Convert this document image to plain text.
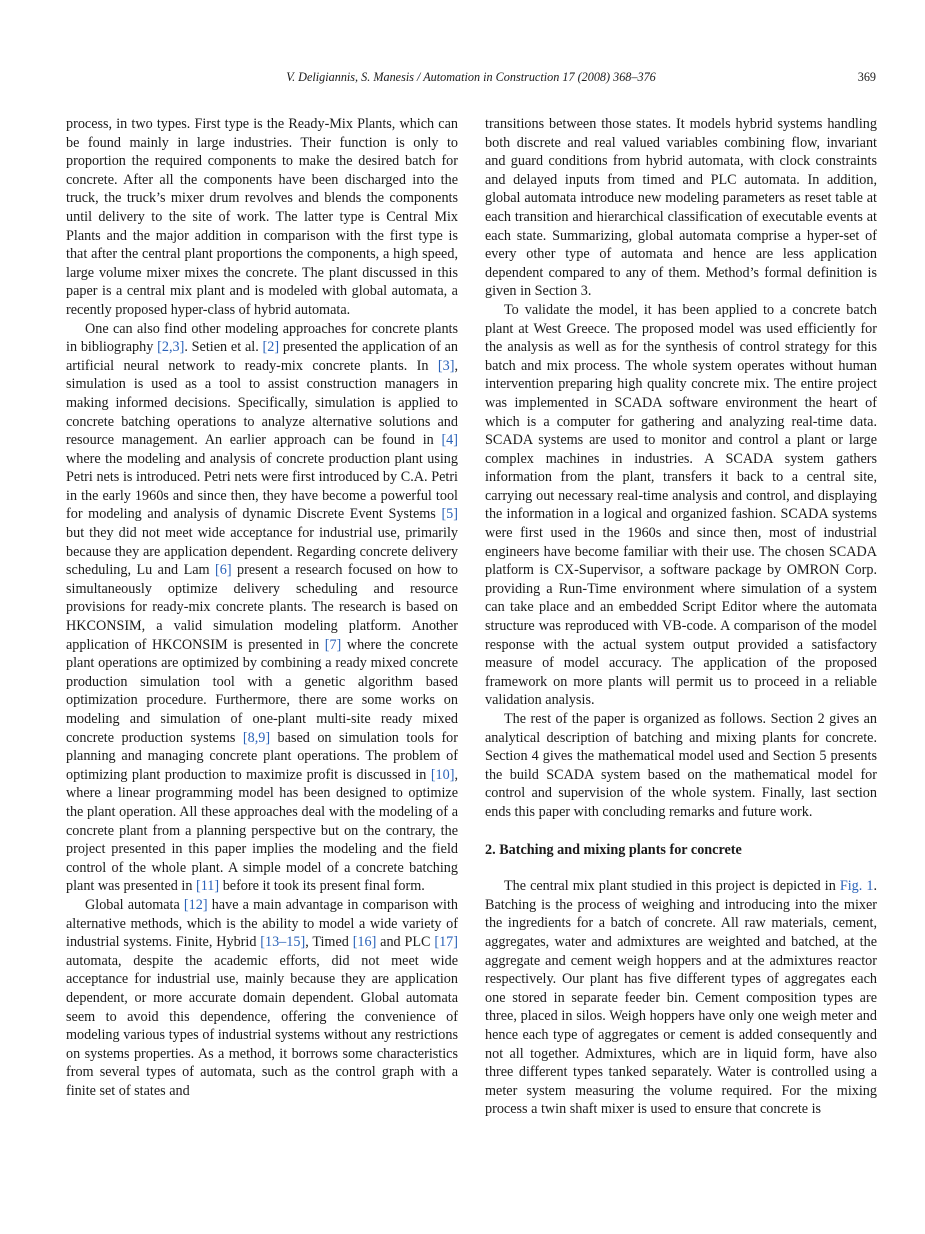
V. Deligiannis, S. Manesis / Automation in Construction 17 (2008) 368–376	369

process, in two types. First type is the Ready-Mix Plants, which can be found mainly in large industries. Their function is only to proportion the required components to make the desired batch for concrete. After all the components have been discharged into the truck, the truck’s mixer drum revolves and blends the components until delivery to the site of work. The latter type is Central Mix Plants and the major addition in comparison with the first type is that after the central plant proportions the components, a high speed, large volume mixer mixes the concrete. The plant discussed in this paper is a central mix plant and is modeled with global automata, a recently proposed hyper-class of hybrid automata.

One can also find other modeling approaches for concrete plants in bibliography [2,3]. Setien et al. [2] presented the application of an artificial neural network to ready-mix concrete plants. In [3], simulation is used as a tool to assist construction managers in making informed decisions. Specifically, simulation is applied to concrete batching operations to analyze alternative solutions and resource management. An earlier approach can be found in [4] where the modeling and analysis of concrete production plant using Petri nets is introduced. Petri nets were first introduced by C.A. Petri in the early 1960s and since then, they have become a powerful tool for modeling and analysis of dynamic Discrete Event Systems [5] but they did not meet wide acceptance for industrial use, primarily because they are application dependent. Regarding concrete delivery scheduling, Lu and Lam [6] present a research focused on how to simultaneously optimize delivery scheduling and resource provisions for ready-mix concrete plants. The research is based on HKCONSIM, a valid simulation modeling platform. Another application of HKCONSIM is presented in [7] where the concrete plant operations are optimized by combining a ready mixed concrete production simulation tool with a genetic algorithm based optimization procedure. Furthermore, there are some works on modeling and simulation of one-plant multi-site ready mixed concrete production systems [8,9] based on simulation tools for planning and managing concrete plant operations. The problem of optimizing plant production to maximize profit is discussed in [10], where a linear programming model has been designed to optimize the plant operation. All these approaches deal with the modeling of a concrete plant from a planning perspective but on the contrary, the project presented in this paper implies the modeling and the field control of the whole plant. A simple model of a concrete batching plant was presented in [11] before it took its present final form.

Global automata [12] have a main advantage in comparison with alternative methods, which is the ability to model a wide variety of industrial systems. Finite, Hybrid [13–15], Timed [16] and PLC [17] automata, despite the academic efforts, did not meet wide acceptance for industrial use, mainly because they are application dependent, or more accurate domain dependent. Global automata seem to avoid this dependence, offering the convenience of modeling various types of industrial systems without any restrictions on systems properties. As a method, it borrows some characteristics from several types of automata, such as the control graph with a finite set of states and

transitions between those states. It models hybrid systems handling both discrete and real valued variables combining flow, invariant and guard conditions from hybrid automata, with clock constraints and delayed inputs from timed and PLC automata. In addition, global automata introduce new modeling parameters as reset table at each transition and hierarchical classification of executable events at each state. Summarizing, global automata comprise a hyper-set of every other type of automata and hence are less application dependent compared to any of them. Method’s formal definition is given in Section 3.

To validate the model, it has been applied to a concrete batch plant at West Greece. The proposed model was used efficiently for the analysis as well as for the synthesis of control strategy for this batch and mix process. The whole system operates without human intervention preparing high quality concrete mix. The entire project was implemented in SCADA software environment the heart of which is a computer for gathering and analyzing real-time data. SCADA systems are used to monitor and control a plant or large complex machines in industries. A SCADA system gathers information from the plant, transfers it back to a central site, carrying out necessary real-time analysis and control, and displaying the information in a logical and organized fashion. SCADA systems were first used in the 1960s and since then, most of industrial engineers have become familiar with their use. The chosen SCADA platform is CX-Supervisor, a software package by OMRON Corp. providing a Run-Time environment where simulation of a system can take place and an embedded Script Editor where the automata structure was reproduced with VB-code. A comparison of the model response with the actual system output provided a satisfactory measure of model accuracy. The application of the proposed framework on more plants will permit us to proceed in a reliable validation analysis.

The rest of the paper is organized as follows. Section 2 gives an analytical description of batching and mixing plants for concrete. Section 4 gives the mathematical model used and Section 5 presents the build SCADA system based on the mathematical model for control and supervision of the whole system. Finally, last section ends this paper with concluding remarks and future work.

2. Batching and mixing plants for concrete

The central mix plant studied in this project is depicted in Fig. 1. Batching is the process of weighing and introducing into the mixer the ingredients for a batch of concrete. All raw materials, cement, aggregates, water and admixtures are weighted and batched, at the aggregate and cement weigh hoppers and at the admixtures reactor respectively. Our plant has five different types of aggregates each one stored in separate feeder bin. Cement composition types are three, placed in silos. Weigh hoppers have only one weigh meter and hence each type of aggregates or cement is added consequently and not all together. Admixtures, which are in liquid form, have also three different types tanked separately. Water is controlled using a meter system measuring the volume required. For the mixing process a twin shaft mixer is used to ensure that concrete is
